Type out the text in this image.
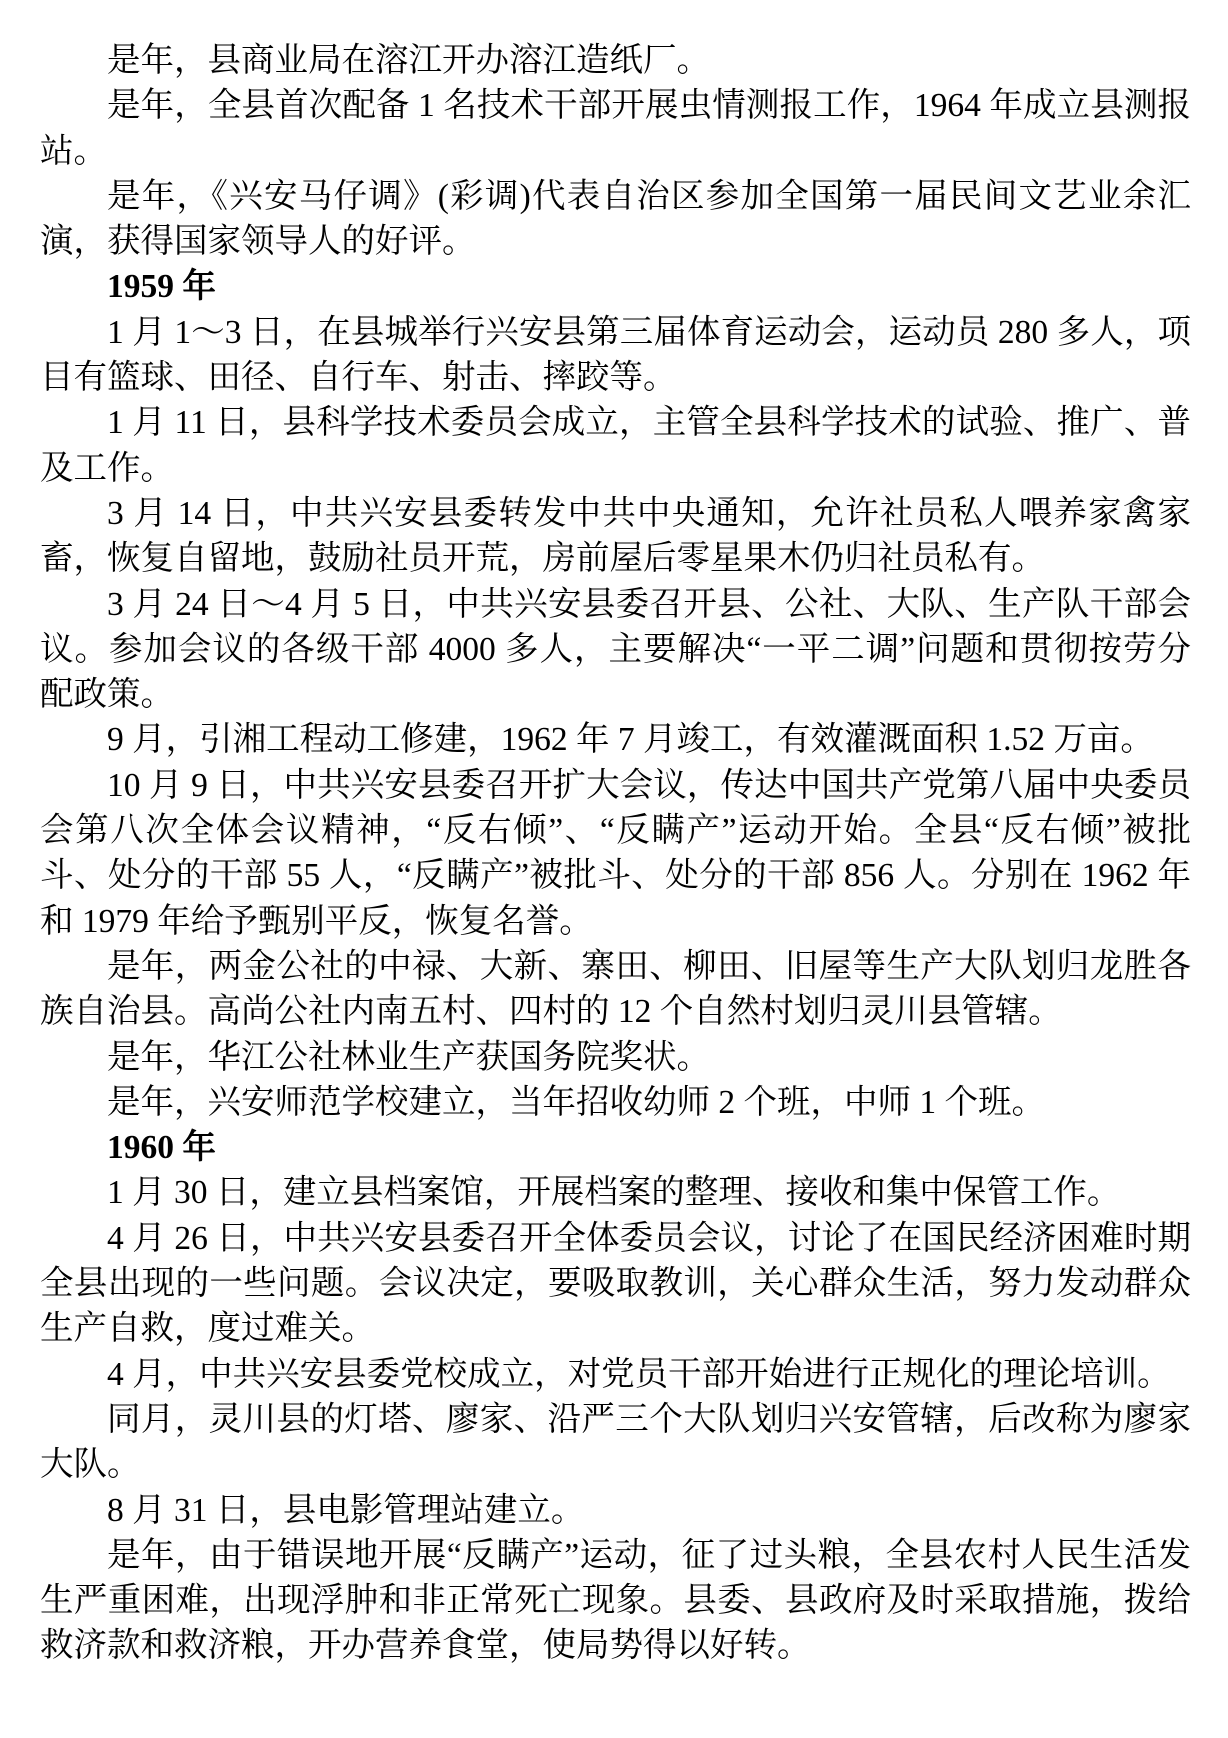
是年，县商业局在溶江开办溶江造纸厂。

是年，全县首次配备 1 名技术干部开展虫情测报工作，1964 年成立县测报站。

是年，《兴安马仔调》(彩调)代表自治区参加全国第一届民间文艺业余汇演，获得国家领导人的好评。

1959 年

1 月 1～3 日，在县城举行兴安县第三届体育运动会，运动员 280 多人，项目有篮球、田径、自行车、射击、摔跤等。

1 月 11 日，县科学技术委员会成立，主管全县科学技术的试验、推广、普及工作。

3 月 14 日，中共兴安县委转发中共中央通知，允许社员私人喂养家禽家畜，恢复自留地，鼓励社员开荒，房前屋后零星果木仍归社员私有。

3 月 24 日～4 月 5 日，中共兴安县委召开县、公社、大队、生产队干部会议。参加会议的各级干部 4000 多人，主要解决“一平二调”问题和贯彻按劳分配政策。

9 月，引湘工程动工修建，1962 年 7 月竣工，有效灌溉面积 1.52 万亩。

10 月 9 日，中共兴安县委召开扩大会议，传达中国共产党第八届中央委员会第八次全体会议精神，“反右倾”、“反瞒产”运动开始。全县“反右倾”被批斗、处分的干部 55 人，“反瞒产”被批斗、处分的干部 856 人。分别在 1962 年和 1979 年给予甄别平反，恢复名誉。

是年，两金公社的中禄、大新、寨田、柳田、旧屋等生产大队划归龙胜各族自治县。高尚公社内南五村、四村的 12 个自然村划归灵川县管辖。

是年，华江公社林业生产获国务院奖状。

是年，兴安师范学校建立，当年招收幼师 2 个班，中师 1 个班。

1960 年

1 月 30 日，建立县档案馆，开展档案的整理、接收和集中保管工作。

4 月 26 日，中共兴安县委召开全体委员会议，讨论了在国民经济困难时期全县出现的一些问题。会议决定，要吸取教训，关心群众生活，努力发动群众生产自救，度过难关。

4 月，中共兴安县委党校成立，对党员干部开始进行正规化的理论培训。

同月，灵川县的灯塔、廖家、沿严三个大队划归兴安管辖，后改称为廖家大队。

8 月 31 日，县电影管理站建立。

是年，由于错误地开展“反瞒产”运动，征了过头粮，全县农村人民生活发生严重困难，出现浮肿和非正常死亡现象。县委、县政府及时采取措施，拨给救济款和救济粮，开办营养食堂，使局势得以好转。
